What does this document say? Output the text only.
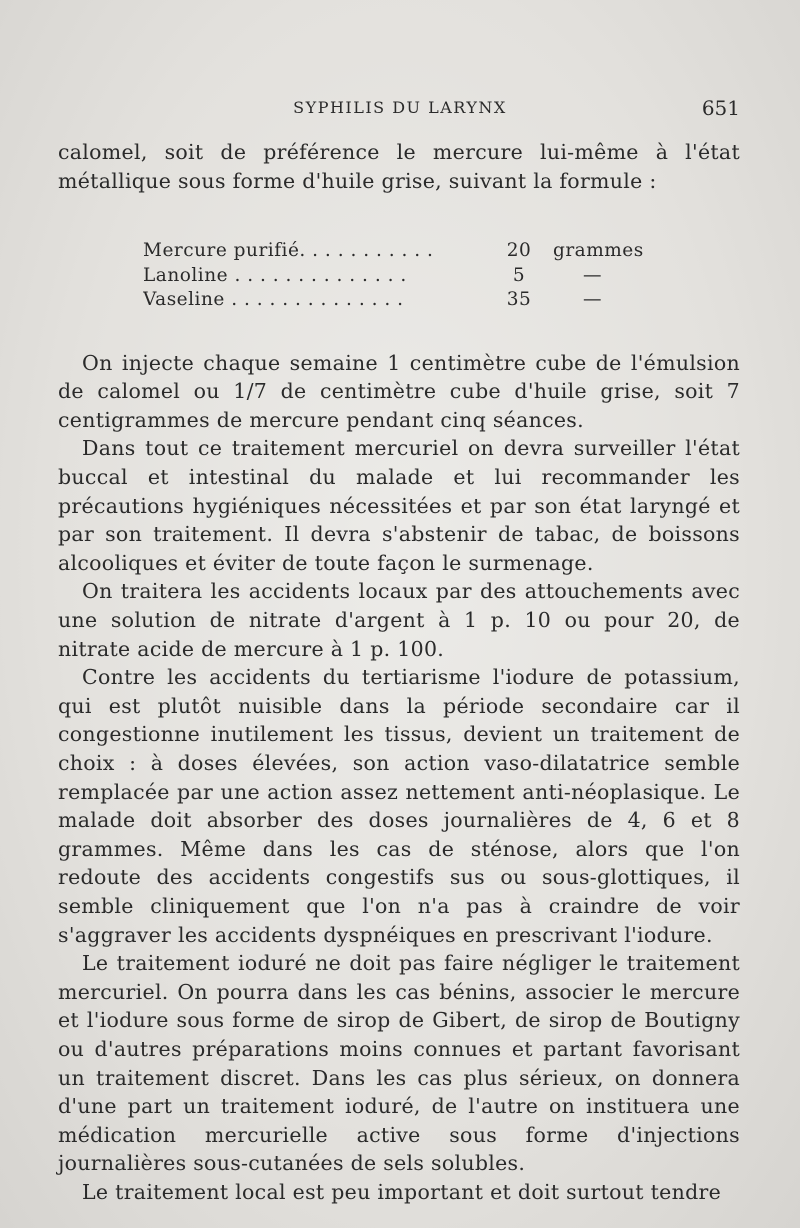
SYPHILIS DU LARYNX	651

calomel, soit de préférence le mercure lui-même à l'état métallique sous forme d'huile grise, suivant la formule :

Mercure purifié. . . . . . . . . . .	20	grammes
Lanoline . . . . . . . . . . . . . .	5	—
Vaseline . . . . . . . . . . . . . .	35	—

On injecte chaque semaine 1 centimètre cube de l'émulsion de calomel ou 1/7 de centimètre cube d'huile grise, soit 7 centigrammes de mercure pendant cinq séances.

Dans tout ce traitement mercuriel on devra surveiller l'état buccal et intestinal du malade et lui recommander les précautions hygiéniques nécessitées et par son état laryngé et par son traitement. Il devra s'abstenir de tabac, de boissons alcooliques et éviter de toute façon le surmenage.

On traitera les accidents locaux par des attouchements avec une solution de nitrate d'argent à 1 p. 10 ou pour 20, de nitrate acide de mercure à 1 p. 100.

Contre les accidents du tertiarisme l'iodure de potassium, qui est plutôt nuisible dans la période secondaire car il congestionne inutilement les tissus, devient un traitement de choix : à doses élevées, son action vaso-dilatatrice semble remplacée par une action assez nettement anti-néoplasique. Le malade doit absorber des doses journalières de 4, 6 et 8 grammes. Même dans les cas de sténose, alors que l'on redoute des accidents congestifs sus ou sous-glottiques, il semble cliniquement que l'on n'a pas à craindre de voir s'aggraver les accidents dyspnéiques en prescrivant l'iodure.

Le traitement ioduré ne doit pas faire négliger le traitement mercuriel. On pourra dans les cas bénins, associer le mercure et l'iodure sous forme de sirop de Gibert, de sirop de Boutigny ou d'autres préparations moins connues et partant favorisant un traitement discret. Dans les cas plus sérieux, on donnera d'une part un traitement ioduré, de l'autre on instituera une médication mercurielle active sous forme d'injections journalières sous-cutanées de sels solubles.

Le traitement local est peu important et doit surtout tendre
